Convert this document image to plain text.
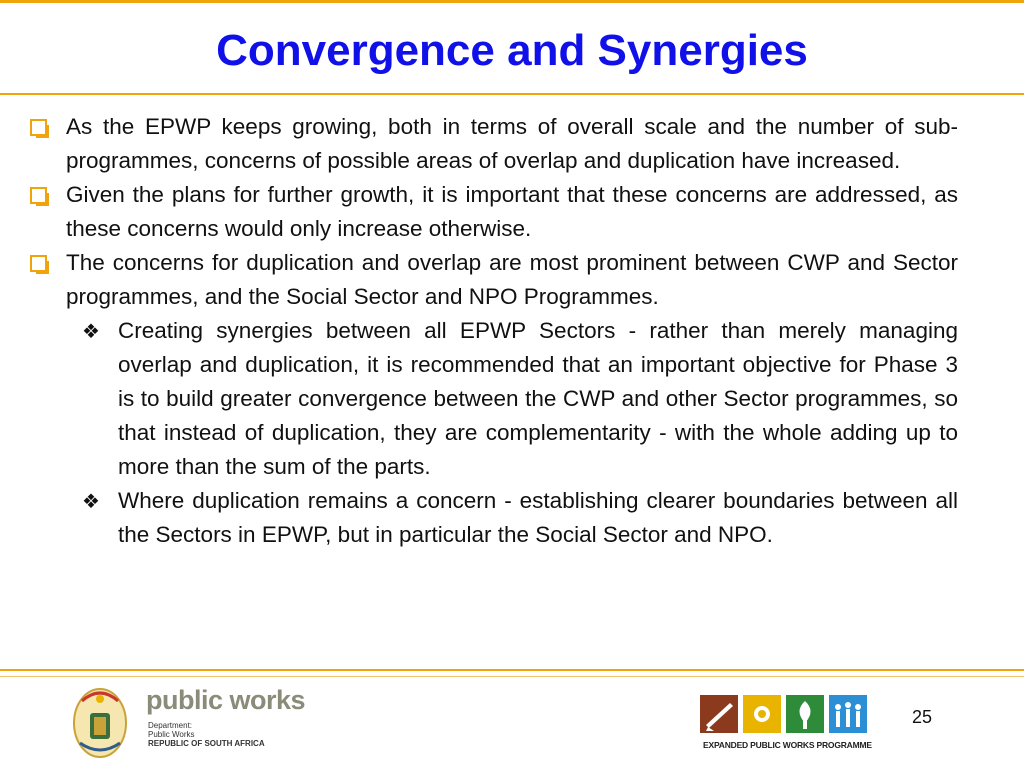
Convergence and Synergies
As the EPWP keeps growing, both in terms of overall scale and the number of sub-programmes, concerns of possible areas of overlap and duplication have increased.
Given the plans for further growth, it is important that these concerns are addressed, as these concerns would only increase otherwise.
The concerns for duplication and overlap are most prominent between CWP and Sector programmes, and the Social Sector and NPO Programmes.
❖ Creating synergies between all EPWP Sectors - rather than merely managing overlap and duplication, it is recommended that an important objective for Phase 3 is to build greater convergence between the CWP and other Sector programmes, so that instead of duplication, they are complementarity - with the whole adding up to more than the sum of the parts.
❖ Where duplication remains a concern - establishing clearer boundaries between all the Sectors in EPWP, but in particular the Social Sector and NPO.
public works
Department:
Public Works
REPUBLIC OF SOUTH AFRICA	EXPANDED PUBLIC WORKS PROGRAMME
25
